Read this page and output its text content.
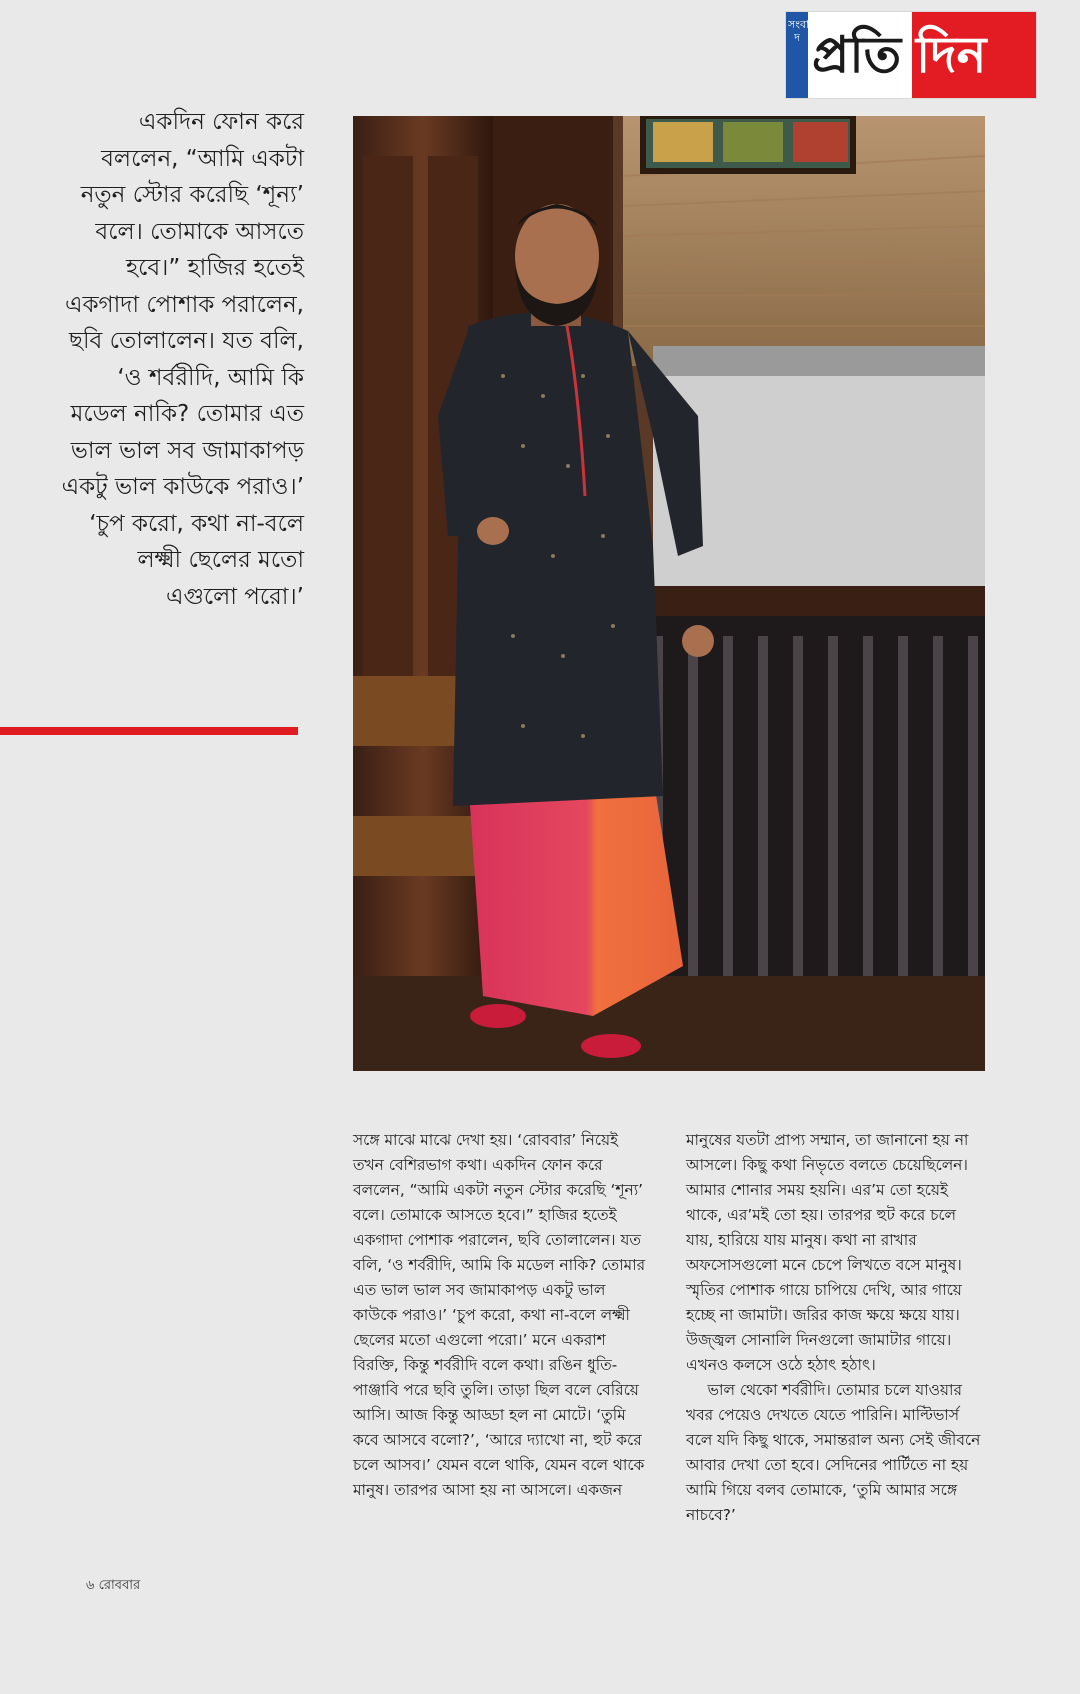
সংবাদ প্রতি দিন
একদিন ফোন করে বললেন, “আমি একটা নতুন স্টোর করেছি ‘শূন্য’ বলে। তোমাকে আসতে হবে।” হাজির হতেই একগাদা পোশাক পরালেন, ছবি তোলালেন। যত বলি, ‘ও শর্বরীদি, আমি কি মডেল নাকি? তোমার এত ভাল ভাল সব জামাকাপড় একটু ভাল কাউকে পরাও।’ ‘চুপ করো, কথা না-বলে লক্ষ্মী ছেলের মতো এগুলো পরো।’

সঙ্গে মাঝে মাঝে দেখা হয়। ‘রোববার’ নিয়েই তখন বেশিরভাগ কথা। একদিন ফোন করে বললেন, “আমি একটা নতুন স্টোর করেছি ‘শূন্য’ বলে। তোমাকে আসতে হবে।” হাজির হতেই একগাদা পোশাক পরালেন, ছবি তোলালেন। যত বলি, ‘ও শর্বরীদি, আমি কি মডেল নাকি? তোমার এত ভাল ভাল সব জামাকাপড় একটু ভাল কাউকে পরাও।’ ‘চুপ করো, কথা না-বলে লক্ষ্মী ছেলের মতো এগুলো পরো।’ মনে একরাশ বিরক্তি, কিন্তু শর্বরীদি বলে কথা। রঙিন ধুতি-পাঞ্জাবি পরে ছবি তুলি। তাড়া ছিল বলে বেরিয়ে আসি। আজ কিন্তু আড্ডা হল না মোটে। ‘তুমি কবে আসবে বলো?’, ‘আরে দ্যাখো না, হুট করে চলে আসব।’ যেমন বলে থাকি, যেমন বলে থাকে মানুষ। তারপর আসা হয় না আসলে। একজন

মানুষের যতটা প্রাপ্য সম্মান, তা জানানো হয় না আসলে। কিছু কথা নিভৃতে বলতে চেয়েছিলেন। আমার শোনার সময় হয়নি। এর’ম তো হয়েই থাকে, এর’মই তো হয়। তারপর হুট করে চলে যায়, হারিয়ে যায় মানুষ। কথা না রাখার অফসোসগুলো মনে চেপে লিখতে বসে মানুষ। স্মৃতির পোশাক গায়ে চাপিয়ে দেখি, আর গায়ে হচ্ছে না জামাটা। জরির কাজ ক্ষয়ে ক্ষয়ে যায়। উজ্জ্বল সোনালি দিনগুলো জামাটার গায়ে। এখনও কলসে ওঠে হঠাৎ হঠাৎ।

ভাল থেকো শর্বরীদি। তোমার চলে যাওয়ার খবর পেয়েও দেখতে যেতে পারিনি। মাল্টিভার্স বলে যদি কিছু থাকে, সমান্তরাল অন্য সেই জীবনে আবার দেখা তো হবে। সেদিনের পার্টিতে না হয় আমি গিয়ে বলব তোমাকে, ‘তুমি আমার সঙ্গে নাচবে?’

৬ রোববার
